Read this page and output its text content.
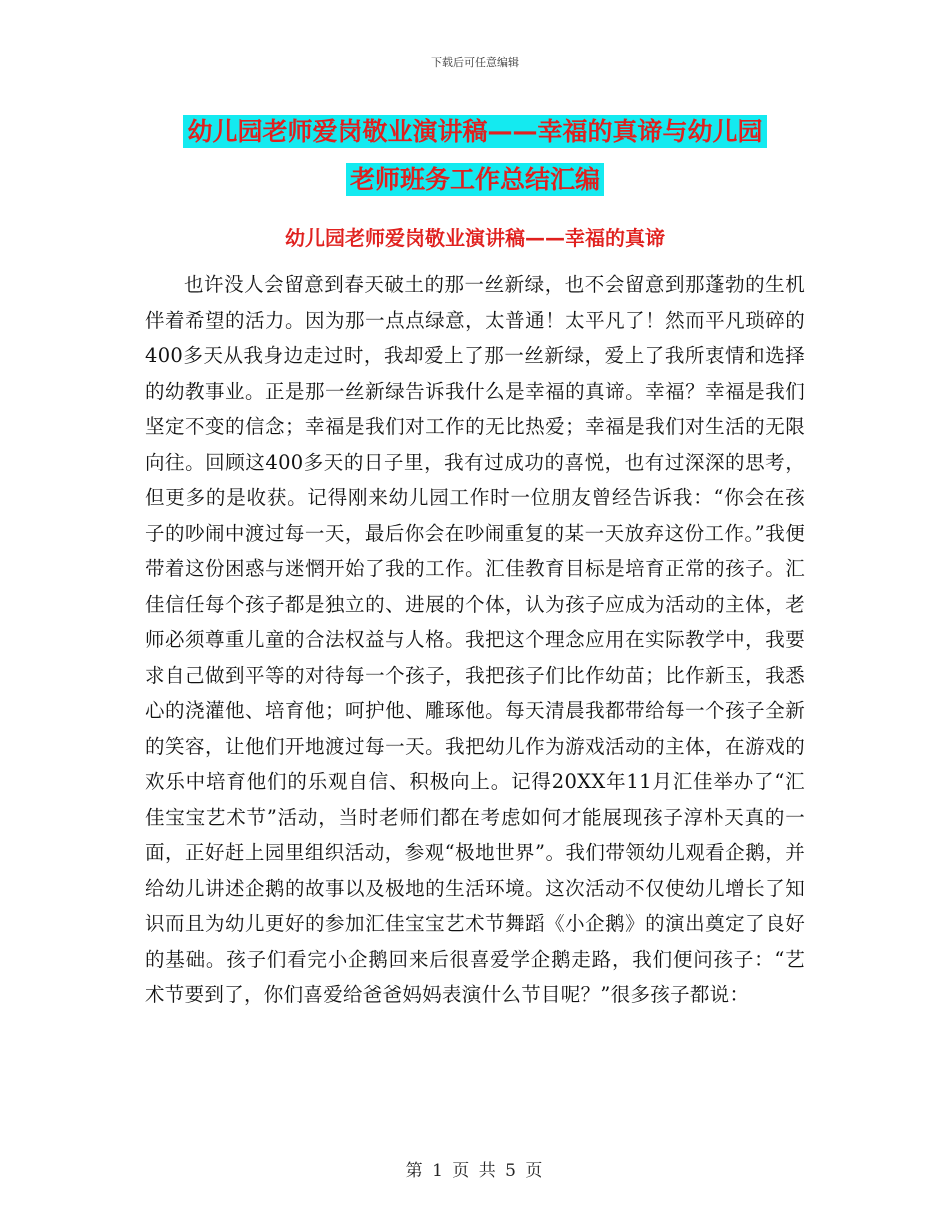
下载后可任意编辑
幼儿园老师爱岗敬业演讲稿——幸福的真谛与幼儿园
老师班务工作总结汇编
幼儿园老师爱岗敬业演讲稿——幸福的真谛

也许没人会留意到春天破土的那一丝新绿，也不会留意到那蓬勃的生机伴着希望的活力。因为那一点点绿意，太普通！太平凡了！然而平凡琐碎的400多天从我身边走过时，我却爱上了那一丝新绿，爱上了我所衷情和选择的幼教事业。正是那一丝新绿告诉我什么是幸福的真谛。幸福？幸福是我们坚定不变的信念；幸福是我们对工作的无比热爱；幸福是我们对生活的无限向往。回顾这400多天的日子里，我有过成功的喜悦，也有过深深的思考，但更多的是收获。记得刚来幼儿园工作时一位朋友曾经告诉我：“你会在孩子的吵闹中渡过每一天，最后你会在吵闹重复的某一天放弃这份工作。”我便带着这份困惑与迷惘开始了我的工作。汇佳教育目标是培育正常的孩子。汇佳信任每个孩子都是独立的、进展的个体，认为孩子应成为活动的主体，老师必须尊重儿童的合法权益与人格。我把这个理念应用在实际教学中，我要求自己做到平等的对待每一个孩子，我把孩子们比作幼苗；比作新玉，我悉心的浇灌他、培育他；呵护他、雕琢他。每天清晨我都带给每一个孩子全新的笑容，让他们开地渡过每一天。我把幼儿作为游戏活动的主体，在游戏的欢乐中培育他们的乐观自信、积极向上。记得20XX年11月汇佳举办了“汇佳宝宝艺术节”活动，当时老师们都在考虑如何才能展现孩子淳朴天真的一面，正好赶上园里组织活动，参观“极地世界”。我们带领幼儿观看企鹅，并给幼儿讲述企鹅的故事以及极地的生活环境。这次活动不仅使幼儿增长了知识而且为幼儿更好的参加汇佳宝宝艺术节舞蹈《小企鹅》的演出奠定了良好的基础。孩子们看完小企鹅回来后很喜爱学企鹅走路，我们便问孩子：“艺术节要到了，你们喜爱给爸爸妈妈表演什么节目呢？”很多孩子都说：

第 1 页 共 5 页
